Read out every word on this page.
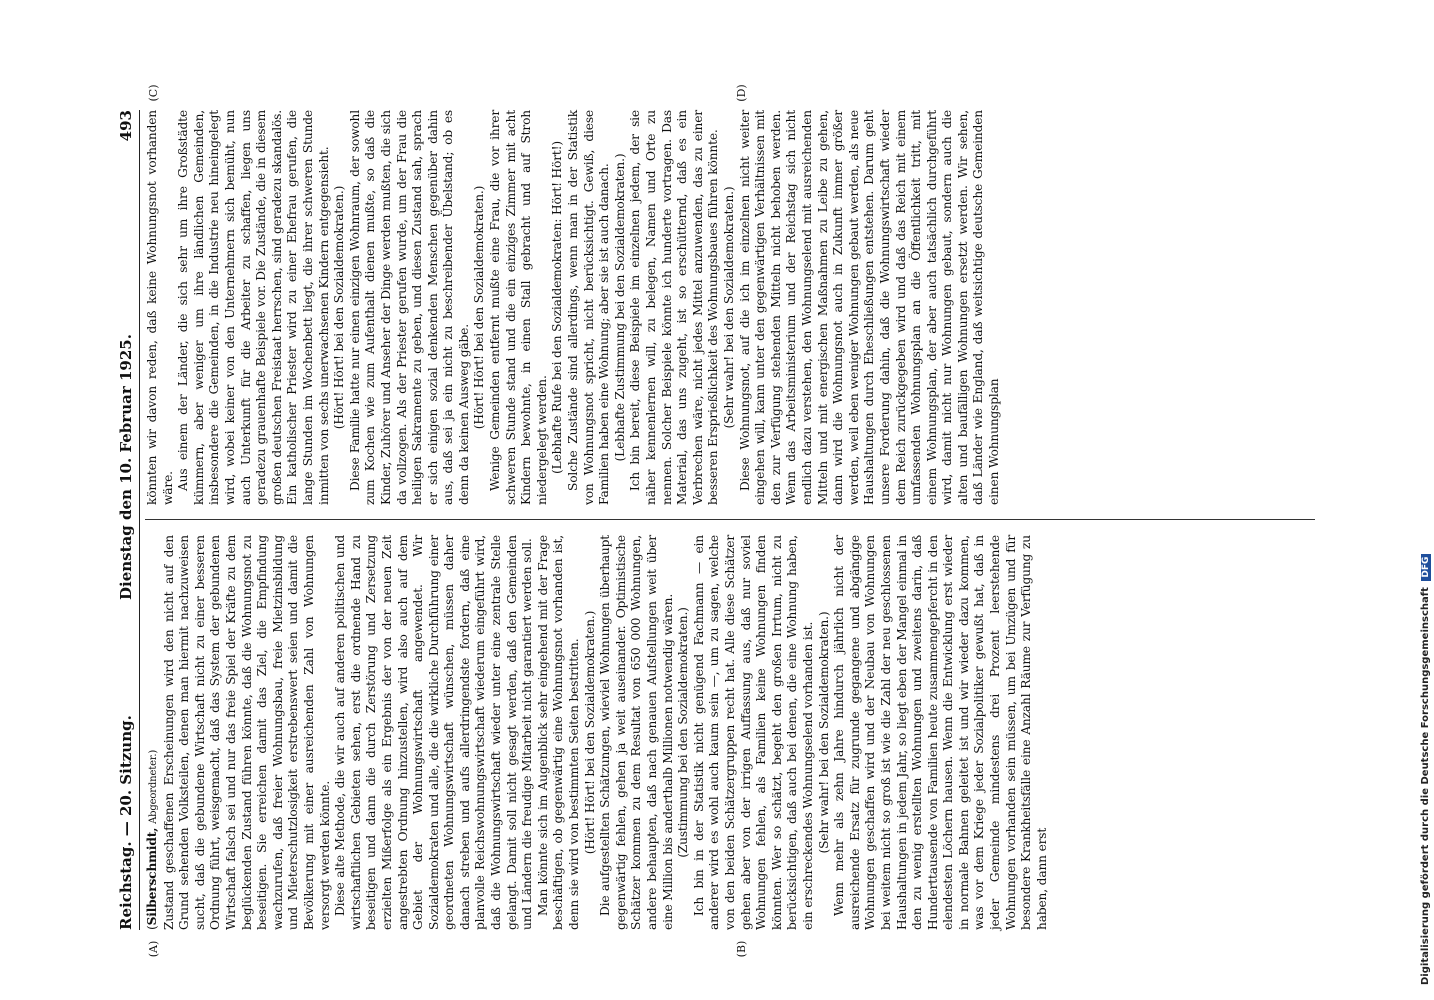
Reichstag. — 20. Sitzung.
Dienstag den 10. Februar 1925.
493
(A)	(B)
(C)	(D)

(Silberschmidt, Abgeordneter.) Zustand geschaffenen Erscheinungen wird den nicht auf den Grund sehenden Volksteilen, denen man hiermit nachzuweisen sucht, daß die gebundene Wirtschaft nicht zu einer besseren Ordnung führt, weisgemacht, daß das System der gebundenen Wirtschaft falsch sei und nur das freie Spiel der Kräfte zu dem beglückenden Zustand führen könnte, daß die Wohnungsnot zu beseitigen. Sie erreichen damit das Ziel, die Empfindung wachzurufen, daß freier Wohnungsbau, freie Mietzinsbildung und Mieterschutzlosigkeit erstrebenswert seien und damit die Bevölkerung mit einer ausreichenden Zahl von Wohnungen versorgt werden könnte. Diese alte Methode, die wir auch auf anderen politischen und wirtschaftlichen Gebieten sehen, erst die ordnende Hand zu beseitigen und dann die durch Zerstörung und Zersetzung erzielten Mißerfolge als ein Ergebnis der von der neuen Zeit angestrebten Ordnung hinzustellen, wird also auch auf dem Gebiet der Wohnungswirtschaft angewendet. Wir Sozialdemokraten und alle, die die wirkliche Durchführung einer geordneten Wohnungswirtschaft wünschen, müssen daher danach streben und aufs allerdringendste fordern, daß eine planvolle Reichswohnungswirtschaft wiederum eingeführt wird, daß die Wohnungswirtschaft wieder unter eine zentrale Stelle gelangt. Damit soll nicht gesagt werden, daß den Gemeinden und Ländern die freudige Mitarbeit nicht garantiert werden soll. Man könnte sich im Augenblick sehr eingehend mit der Frage beschäftigen, ob gegenwärtig eine Wohnungsnot vorhanden ist, denn sie wird von bestimmten Seiten bestritten. (Hört! Hört! bei den Sozialdemokraten.) Die aufgestellten Schätzungen, wieviel Wohnungen überhaupt gegenwärtig fehlen, gehen ja weit auseinander. Optimistische Schätzer kommen zu dem Resultat von 650 000 Wohnungen, andere behaupten, daß nach genauen Aufstellungen weit über eine Million bis anderthalb Millionen notwendig wären. (Zustimmung bei den Sozialdemokraten.) Ich bin in der Statistik nicht genügend Fachmann — ein anderer wird es wohl auch kaum sein —, um zu sagen, welche von den beiden Schätzergruppen recht hat. Alle diese Schätzer gehen aber von der irrigen Auffassung aus, daß nur soviel Wohnungen fehlen, als Familien keine Wohnungen finden könnten. Wer so schätzt, begeht den großen Irrtum, nicht zu berücksichtigen, daß auch bei denen, die eine Wohnung haben, ein erschreckendes Wohnungselend vorhanden ist. (Sehr wahr! bei den Sozialdemokraten.) Wenn mehr als zehn Jahre hindurch jährlich nicht der ausreichende Ersatz für zugrunde gegangene und abgängige Wohnungen geschaffen wird und der Neubau von Wohnungen bei weitem nicht so groß ist wie die Zahl der neu geschlossenen Haushaltungen in jedem Jahr, so liegt eben der Mangel einmal in den zu wenig erstellten Wohnungen und zweitens darin, daß Hunderttausende von Familien heute zusammengepfercht in den elendesten Löchern hausen. Wenn die Entwicklung erst wieder in normale Bahnen geleitet ist und wir wieder dazu kommen, was vor dem Kriege jeder Sozialpolitiker gewußt hat, daß in jeder Gemeinde mindestens drei Prozent leerstehende Wohnungen vorhanden sein müssen, um bei Umzügen und für besondere Krankheitsfälle eine Anzahl Räume zur Verfügung zu haben, dann erst

könnten wir davon reden, daß keine Wohnungsnot vorhanden wäre. Aus einem der Länder, die sich sehr um ihre Großstädte kümmern, aber weniger um ihre ländlichen Gemeinden, insbesondere die Gemeinden, in die Industrie neu hineingelegt wird, wobei keiner von den Unternehmern sich bemüht, nun auch Unterkunft für die Arbeiter zu schaffen, liegen uns geradezu grauenhafte Beispiele vor. Die Zustände, die in diesem großen deutschen Freistaat herrschen, sind geradezu skandalös. Ein katholischer Priester wird zu einer Ehefrau gerufen, die lange Stunden im Wochenbett liegt, die ihrer schweren Stunde inmitten von sechs unerwachsenen Kindern entgegensieht. (Hört! Hört! bei den Sozialdemokraten.) Diese Familie hatte nur einen einzigen Wohnraum, der sowohl zum Kochen wie zum Aufenthalt dienen mußte, so daß die Kinder, Zuhörer und Anseher der Dinge werden mußten, die sich da vollzogen. Als der Priester gerufen wurde, um der Frau die heiligen Sakramente zu geben, und diesen Zustand sah, sprach er sich einigen sozial denkenden Menschen gegenüber dahin aus, daß sei ja ein nicht zu beschreibender Übelstand; ob es denn da keinen Ausweg gäbe. (Hört! Hört! bei den Sozialdemokraten.) Wenige Gemeinden entfernt mußte eine Frau, die vor ihrer schweren Stunde stand und die ein einziges Zimmer mit acht Kindern bewohnte, in einen Stall gebracht und auf Stroh niedergelegt werden. (Lebhafte Rufe bei den Sozialdemokraten: Hört! Hört!) Solche Zustände sind allerdings, wenn man in der Statistik von Wohnungsnot spricht, nicht berücksichtigt. Gewiß, diese Familien haben eine Wohnung; aber sie ist auch danach. (Lebhafte Zustimmung bei den Sozialdemokraten.) Ich bin bereit, diese Beispiele im einzelnen jedem, der sie näher kennenlernen will, zu belegen, Namen und Orte zu nennen. Solcher Beispiele könnte ich hunderte vortragen. Das Material, das uns zugeht, ist so erschütternd, daß es ein Verbrechen wäre, nicht jedes Mittel anzuwenden, das zu einer besseren Ersprießlichkeit des Wohnungsbaues führen könnte. (Sehr wahr! bei den Sozialdemokraten.) Diese Wohnungsnot, auf die ich im einzelnen nicht weiter eingehen will, kann unter den gegenwärtigen Verhältnissen mit den zur Verfügung stehenden Mitteln nicht behoben werden. Wenn das Arbeitsministerium und der Reichstag sich nicht endlich dazu verstehen, den Wohnungselend mit ausreichenden Mitteln und mit energischen Maßnahmen zu Leibe zu gehen, dann wird die Wohnungsnot auch in Zukunft immer größer werden, weil eben weniger Wohnungen gebaut werden, als neue Haushaltungen durch Eheschließungen entstehen. Darum geht unsere Forderung dahin, daß die Wohnungswirtschaft wieder dem Reich zurückgegeben wird und daß das Reich mit einem umfassenden Wohnungsplan an die Öffentlichkeit tritt, mit einem Wohnungsplan, der aber auch tatsächlich durchgeführt wird, damit nicht nur Wohnungen gebaut, sondern auch die alten und baufälligen Wohnungen ersetzt werden. Wir sehen, daß Länder wie England, daß weitsichtige deutsche Gemeinden einen Wohnungsplan

Digitalisierung gefördert durch die Deutsche Forschungsgemeinschaft DFG
